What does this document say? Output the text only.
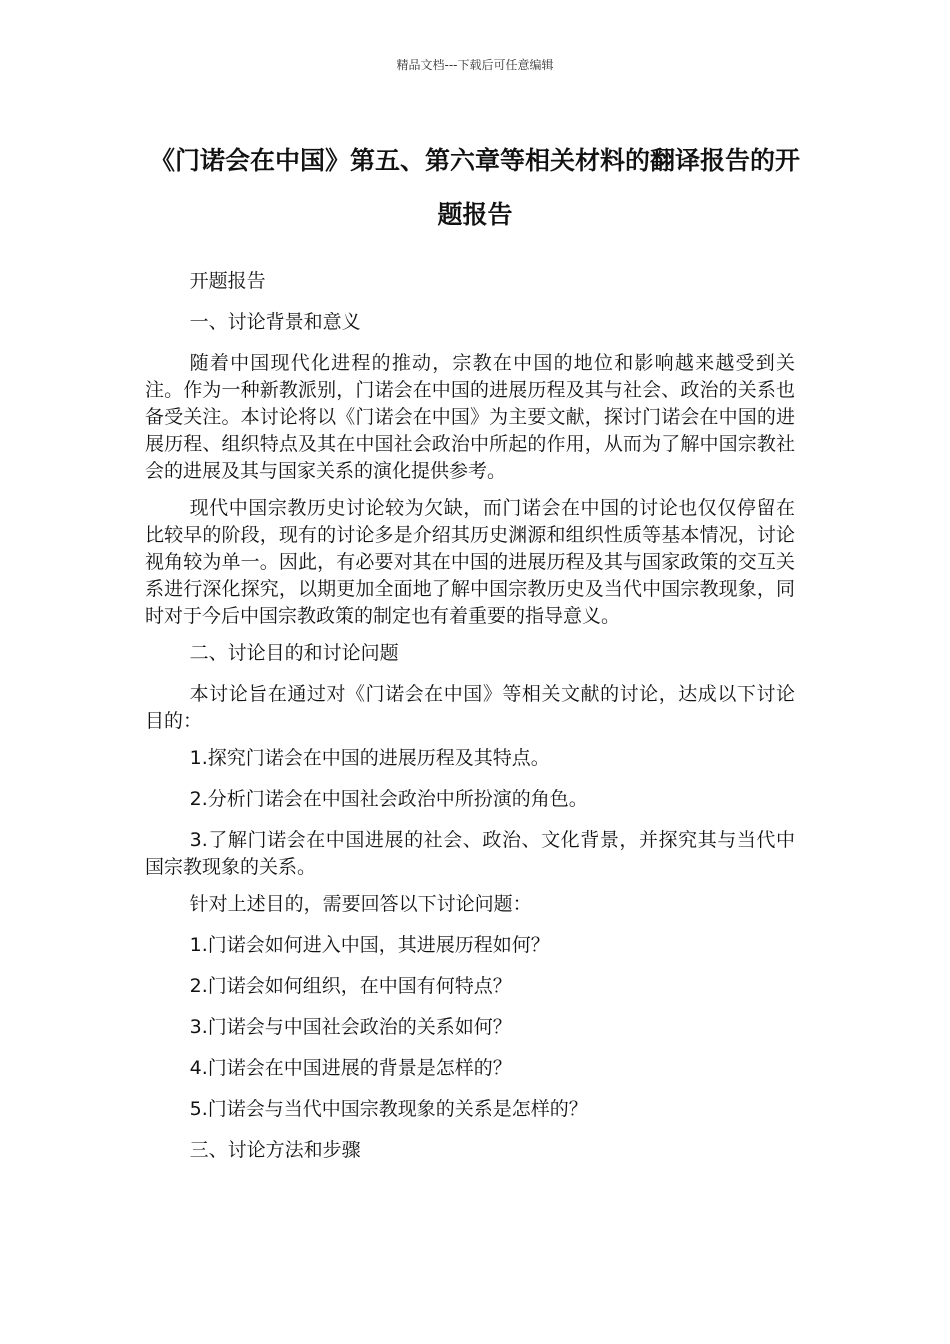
精品文档---下载后可任意编辑
《门诺会在中国》第五、第六章等相关材料的翻译报告的开题报告

开题报告

一、讨论背景和意义

随着中国现代化进程的推动，宗教在中国的地位和影响越来越受到关注。作为一种新教派别，门诺会在中国的进展历程及其与社会、政治的关系也备受关注。本讨论将以《门诺会在中国》为主要文献，探讨门诺会在中国的进展历程、组织特点及其在中国社会政治中所起的作用，从而为了解中国宗教社会的进展及其与国家关系的演化提供参考。

现代中国宗教历史讨论较为欠缺，而门诺会在中国的讨论也仅仅停留在比较早的阶段，现有的讨论多是介绍其历史渊源和组织性质等基本情况，讨论视角较为单一。因此，有必要对其在中国的进展历程及其与国家政策的交互关系进行深化探究，以期更加全面地了解中国宗教历史及当代中国宗教现象，同时对于今后中国宗教政策的制定也有着重要的指导意义。

二、讨论目的和讨论问题

本讨论旨在通过对《门诺会在中国》等相关文献的讨论，达成以下讨论目的：

1.探究门诺会在中国的进展历程及其特点。

2.分析门诺会在中国社会政治中所扮演的角色。

3.了解门诺会在中国进展的社会、政治、文化背景，并探究其与当代中国宗教现象的关系。

针对上述目的，需要回答以下讨论问题：

1.门诺会如何进入中国，其进展历程如何？

2.门诺会如何组织，在中国有何特点？

3.门诺会与中国社会政治的关系如何？

4.门诺会在中国进展的背景是怎样的？

5.门诺会与当代中国宗教现象的关系是怎样的？

三、讨论方法和步骤
